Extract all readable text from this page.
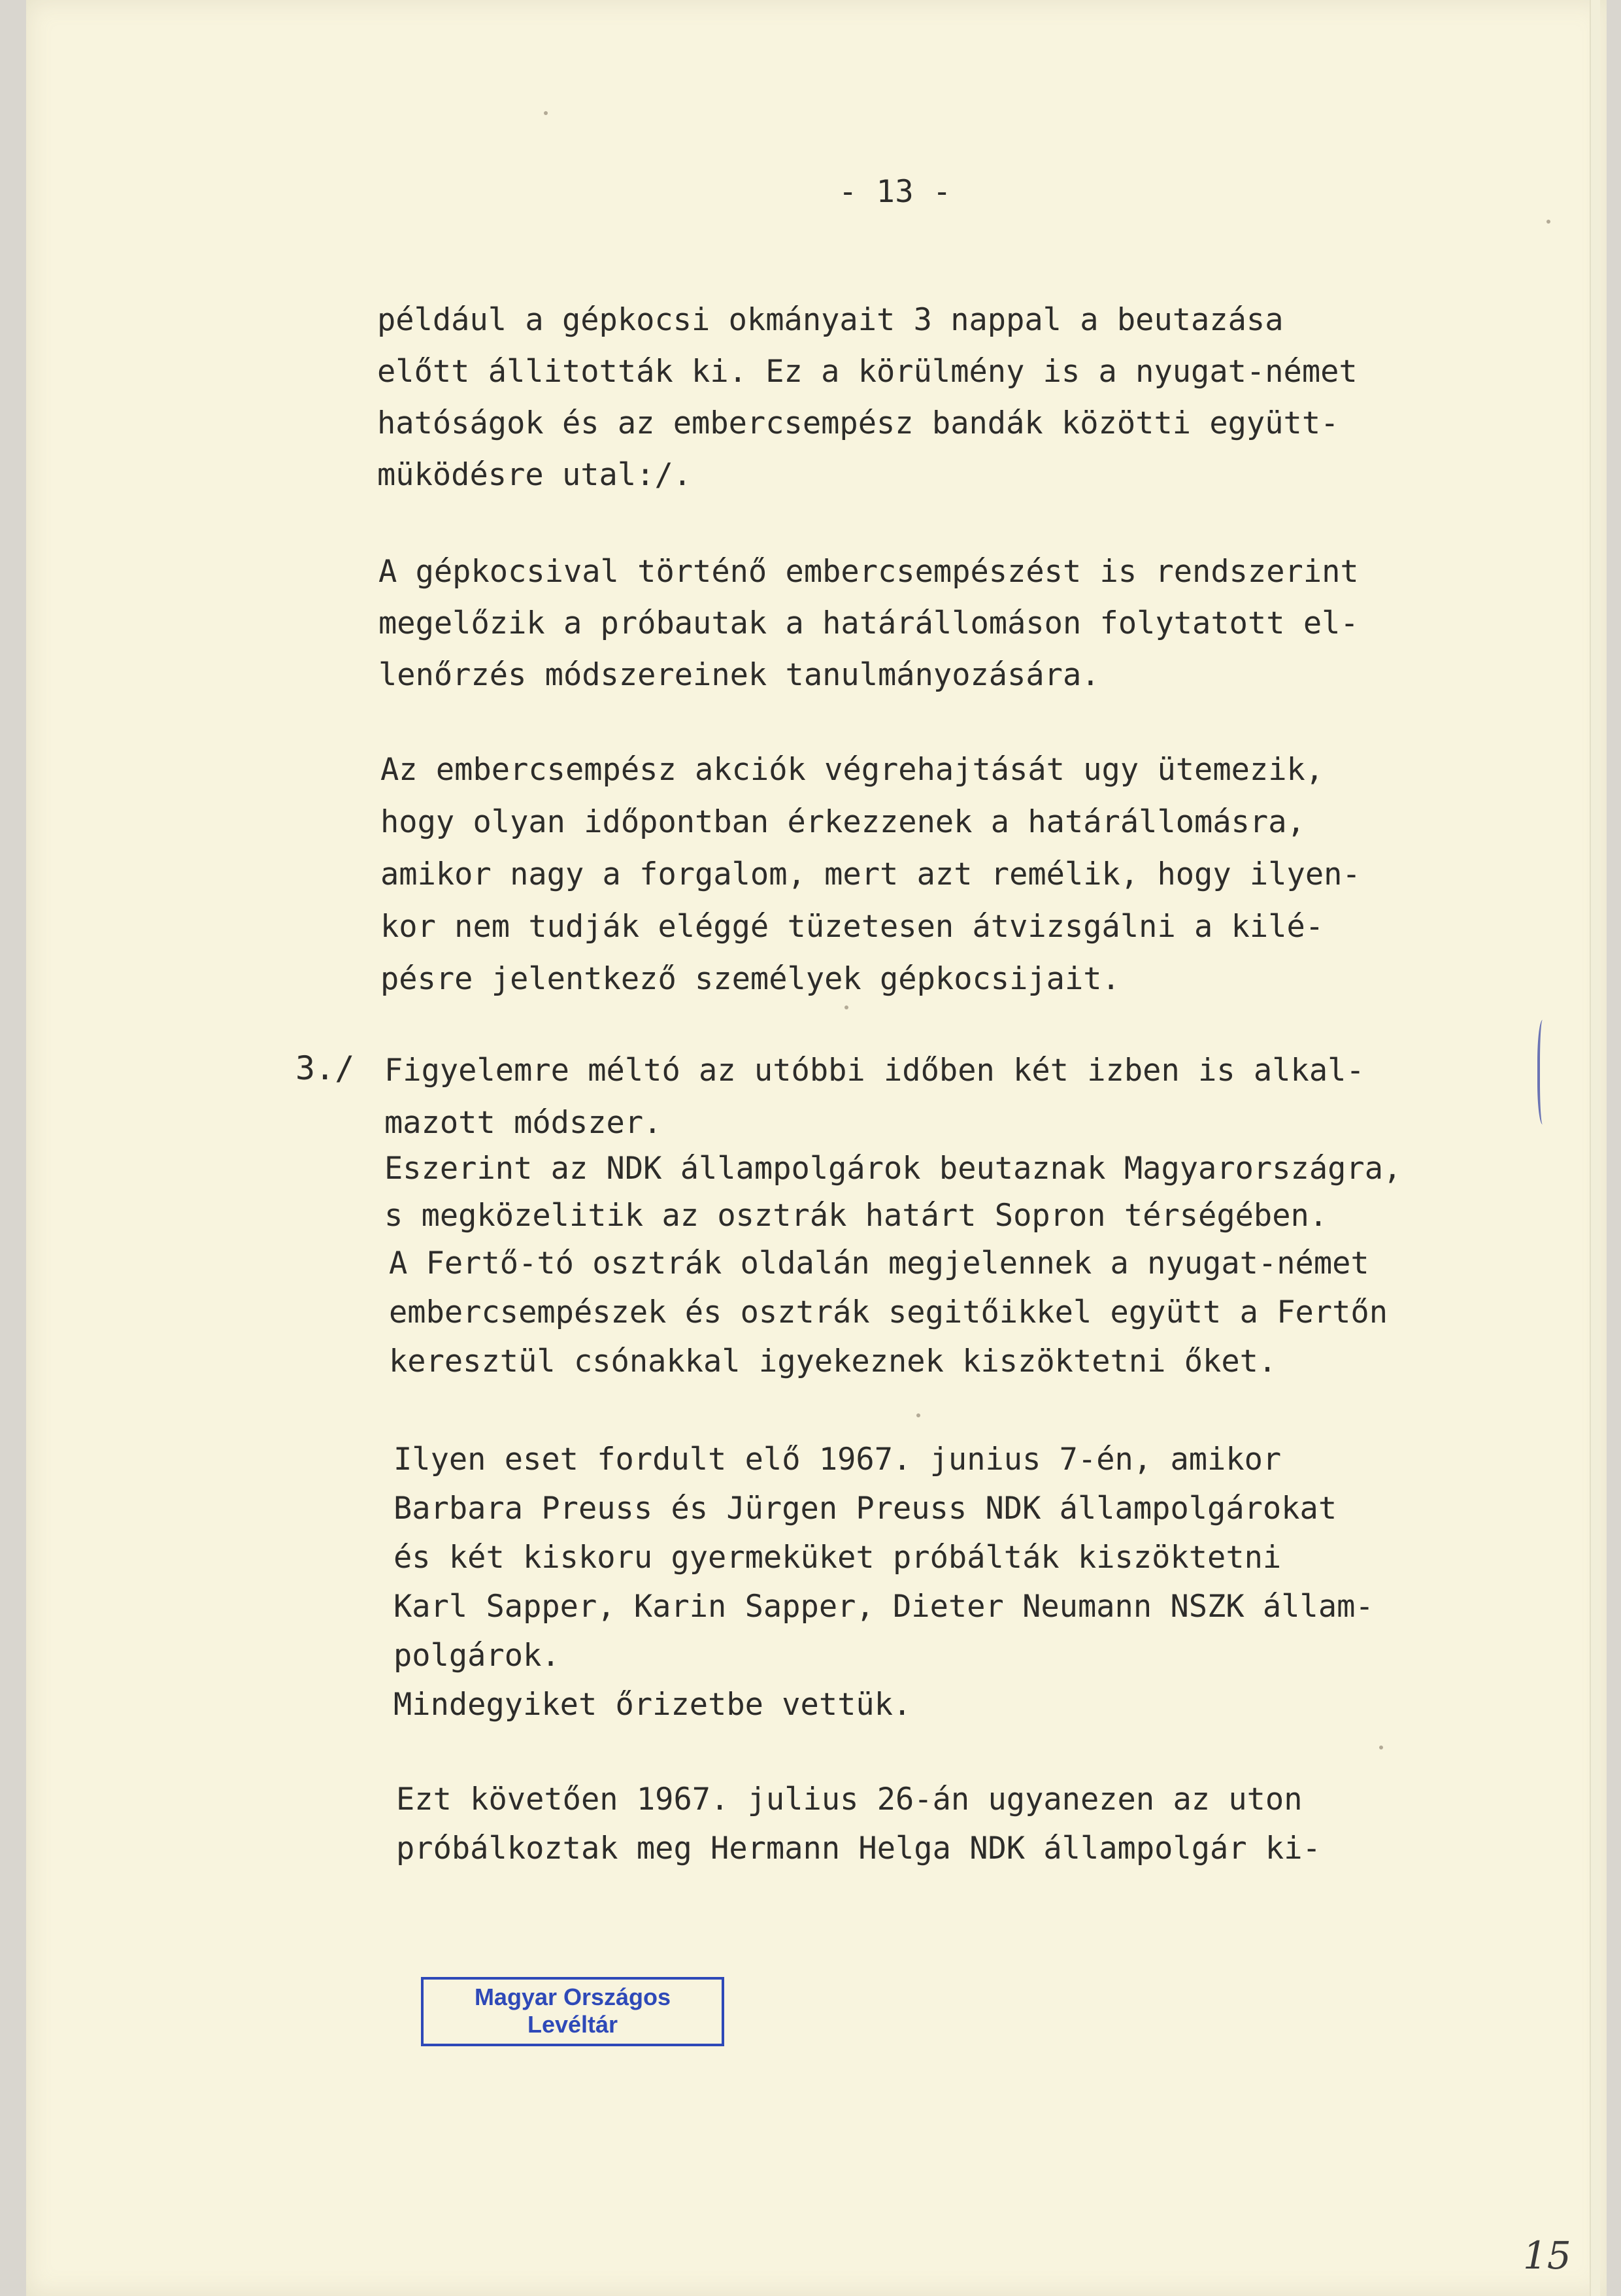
- 13 -
például a gépkocsi okmányait 3 nappal a beutazása
előtt állitották ki. Ez a körülmény is a nyugat-német
hatóságok és az embercsempész bandák közötti együtt-
müködésre utal:/.
A gépkocsival történő embercsempészést is rendszerint
megelőzik a próbautak a határállomáson folytatott el-
lenőrzés módszereinek tanulmányozására.
Az embercsempész akciók végrehajtását ugy ütemezik,
hogy olyan időpontban érkezzenek a határállomásra,
amikor nagy a forgalom, mert azt remélik, hogy ilyen-
kor nem tudják eléggé tüzetesen átvizsgálni a kilé-
pésre jelentkező személyek gépkocsijait.
3./ Figyelemre méltó az utóbbi időben két izben is alkal-
mazott módszer.
Eszerint az NDK állampolgárok beutaznak Magyarországra,
s megközelitik az osztrák határt Sopron térségében.
A Fertő-tó osztrák oldalán megjelennek a nyugat-német
embercsempészek és osztrák segitőikkel együtt a Fertőn
keresztül csónakkal igyekeznek kiszöktetni őket.
Ilyen eset fordult elő 1967. junius 7-én, amikor
Barbara Preuss és Jürgen Preuss NDK állampolgárokat
és két kiskoru gyermeküket próbálták kiszöktetni
Karl Sapper, Karin Sapper, Dieter Neumann NSZK állam-
polgárok.
Mindegyiket őrizetbe vettük.
Ezt követően 1967. julius 26-án ugyanezen az uton
próbálkoztak meg Hermann Helga NDK állampolgár ki-
Magyar Országos
Levéltár
15
